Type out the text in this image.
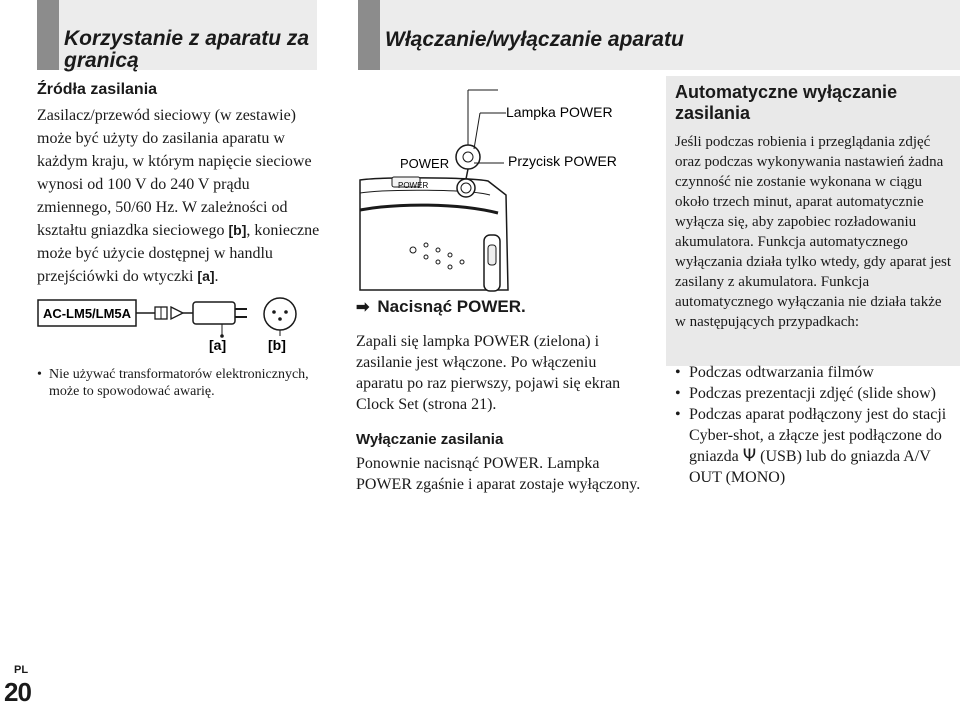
Korzystanie z aparatu za granicą
Źródła zasilania

Zasilacz/przewód sieciowy (w zestawie) może być użyty do zasilania aparatu w każdym kraju, w którym napięcie sieciowe wynosi od 100 V do 240 V prądu zmiennego, 50/60 Hz. W zależności od kształtu gniazdka sieciowego [b], konieczne może być użycie dostępnej w handlu przejściówki do wtyczki [a].

AC-LM5/LM5A
[a]	[b]
• Nie używać transformatorów elektronicznych, może to spowodować awarię.
Włączanie/wyłączanie aparatu
POWER
Lampka POWER
POWER	Przycisk POWER
➡ Nacisnąć POWER.

Zapali się lampka POWER (zielona) i zasilanie jest włączone. Po włączeniu aparatu po raz pierwszy, pojawi się ekran Clock Set (strona 21).

Wyłączanie zasilania

Ponownie nacisnąć POWER. Lampka POWER zgaśnie i aparat zostaje wyłączony.

Automatyczne wyłączanie zasilania

Jeśli podczas robienia i przeglądania zdjęć oraz podczas wykonywania nastawień żadna czynność nie zostanie wykonana w ciągu około trzech minut, aparat automatycznie wyłącza się, aby zapobiec rozładowaniu akumulatora. Funkcja automatycznego wyłączania działa tylko wtedy, gdy aparat jest zasilany z akumulatora. Funkcja automatycznego wyłączania nie działa także w następujących przypadkach:

• Podczas odtwarzania filmów
• Podczas prezentacji zdjęć (slide show)
• Podczas aparat podłączony jest do stacji Cyber-shot, a złącze jest podłączone do gniazda Ψ (USB) lub do gniazda A/V OUT (MONO)
PL
20
